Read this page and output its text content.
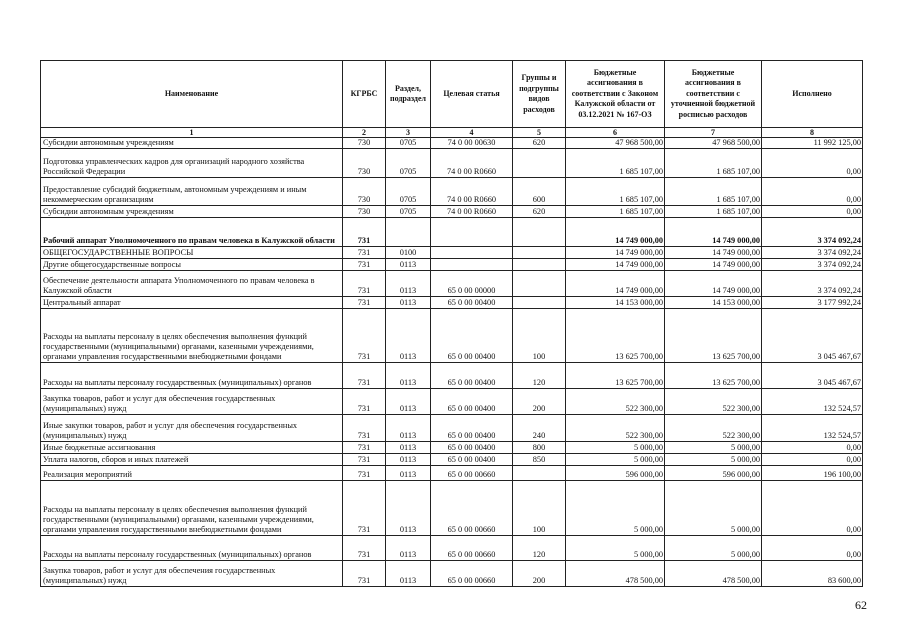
Наименование	КГРБС	Раздел, подраздел	Целевая статья	Группы и подгруппы видов расходов	Бюджетные ассигнования в соответствии с Законом Калужской области от 03.12.2021 № 167-ОЗ	Бюджетные ассигнования в соответствии с уточненной бюджетной росписью расходов	Исполнено
1	2	3	4	5	6	7	8
Субсидии автономным учреждениям	730	0705	74 0 00 00630	620	47 968 500,00	47 968 500,00	11 992 125,00
Подготовка управленческих кадров для организаций народного хозяйства Российской Федерации	730	0705	74 0 00 R0660		1 685 107,00	1 685 107,00	0,00
Предоставление субсидий бюджетным, автономным учреждениям и иным некоммерческим организациям	730	0705	74 0 00 R0660	600	1 685 107,00	1 685 107,00	0,00
Субсидии автономным учреждениям	730	0705	74 0 00 R0660	620	1 685 107,00	1 685 107,00	0,00
Рабочий аппарат Уполномоченного по правам человека в Калужской области	731				14 749 000,00	14 749 000,00	3 374 092,24
ОБЩЕГОСУДАРСТВЕННЫЕ ВОПРОСЫ	731	0100			14 749 000,00	14 749 000,00	3 374 092,24
Другие общегосударственные вопросы	731	0113			14 749 000,00	14 749 000,00	3 374 092,24
Обеспечение деятельности аппарата Уполномоченного по правам человека в Калужской области	731	0113	65 0 00 00000		14 749 000,00	14 749 000,00	3 374 092,24
Центральный аппарат	731	0113	65 0 00 00400		14 153 000,00	14 153 000,00	3 177 992,24
Расходы на выплаты персоналу в целях обеспечения выполнения функций государственными (муниципальными) органами, казенными учреждениями, органами управления государственными внебюджетными фондами	731	0113	65 0 00 00400	100	13 625 700,00	13 625 700,00	3 045 467,67
Расходы на выплаты персоналу государственных (муниципальных) органов	731	0113	65 0 00 00400	120	13 625 700,00	13 625 700,00	3 045 467,67
Закупка товаров, работ и услуг для обеспечения государственных (муниципальных) нужд	731	0113	65 0 00 00400	200	522 300,00	522 300,00	132 524,57
Иные закупки товаров, работ и услуг для обеспечения государственных (муниципальных) нужд	731	0113	65 0 00 00400	240	522 300,00	522 300,00	132 524,57
Иные бюджетные ассигнования	731	0113	65 0 00 00400	800	5 000,00	5 000,00	0,00
Уплата налогов, сборов и иных платежей	731	0113	65 0 00 00400	850	5 000,00	5 000,00	0,00
Реализация мероприятий	731	0113	65 0 00 00660		596 000,00	596 000,00	196 100,00
Расходы на выплаты персоналу в целях обеспечения выполнения функций государственными (муниципальными) органами, казенными учреждениями, органами управления государственными внебюджетными фондами	731	0113	65 0 00 00660	100	5 000,00	5 000,00	0,00
Расходы на выплаты персоналу государственных (муниципальных) органов	731	0113	65 0 00 00660	120	5 000,00	5 000,00	0,00
Закупка товаров, работ и услуг для обеспечения государственных (муниципальных) нужд	731	0113	65 0 00 00660	200	478 500,00	478 500,00	83 600,00
62
